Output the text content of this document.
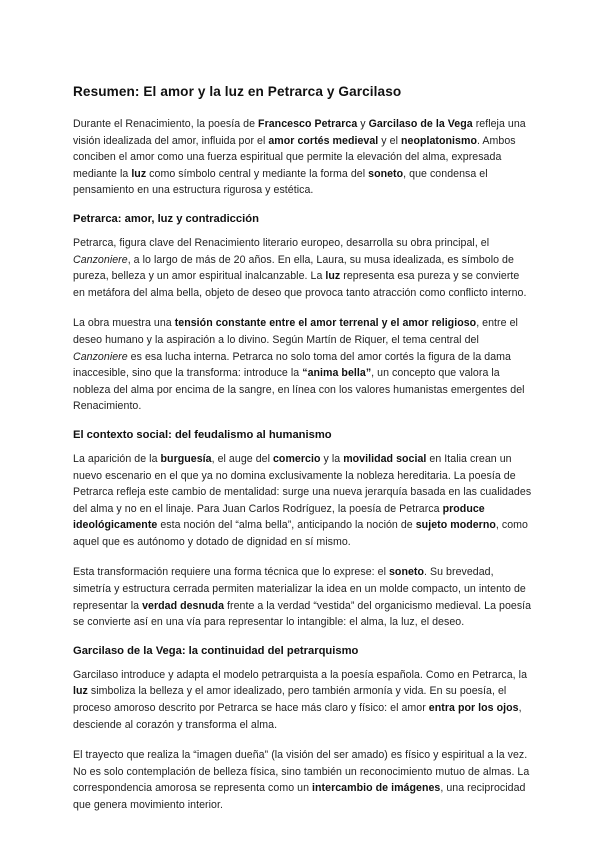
Resumen: El amor y la luz en Petrarca y Garcilaso

Durante el Renacimiento, la poesía de Francesco Petrarca y Garcilaso de la Vega refleja una visión idealizada del amor, influida por el amor cortés medieval y el neoplatonismo. Ambos conciben el amor como una fuerza espiritual que permite la elevación del alma, expresada mediante la luz como símbolo central y mediante la forma del soneto, que condensa el pensamiento en una estructura rigurosa y estética.

Petrarca: amor, luz y contradicción

Petrarca, figura clave del Renacimiento literario europeo, desarrolla su obra principal, el Canzoniere, a lo largo de más de 20 años. En ella, Laura, su musa idealizada, es símbolo de pureza, belleza y un amor espiritual inalcanzable. La luz representa esa pureza y se convierte en metáfora del alma bella, objeto de deseo que provoca tanto atracción como conflicto interno.

La obra muestra una tensión constante entre el amor terrenal y el amor religioso, entre el deseo humano y la aspiración a lo divino. Según Martín de Riquer, el tema central del Canzoniere es esa lucha interna. Petrarca no solo toma del amor cortés la figura de la dama inaccesible, sino que la transforma: introduce la “anima bella”, un concepto que valora la nobleza del alma por encima de la sangre, en línea con los valores humanistas emergentes del Renacimiento.

El contexto social: del feudalismo al humanismo

La aparición de la burguesía, el auge del comercio y la movilidad social en Italia crean un nuevo escenario en el que ya no domina exclusivamente la nobleza hereditaria. La poesía de Petrarca refleja este cambio de mentalidad: surge una nueva jerarquía basada en las cualidades del alma y no en el linaje. Para Juan Carlos Rodríguez, la poesía de Petrarca produce ideológicamente esta noción del “alma bella”, anticipando la noción de sujeto moderno, como aquel que es autónomo y dotado de dignidad en sí mismo.

Esta transformación requiere una forma técnica que lo exprese: el soneto. Su brevedad, simetría y estructura cerrada permiten materializar la idea en un molde compacto, un intento de representar la verdad desnuda frente a la verdad “vestida” del organicismo medieval. La poesía se convierte así en una vía para representar lo intangible: el alma, la luz, el deseo.

Garcilaso de la Vega: la continuidad del petrarquismo

Garcilaso introduce y adapta el modelo petrarquista a la poesía española. Como en Petrarca, la luz simboliza la belleza y el amor idealizado, pero también armonía y vida. En su poesía, el proceso amoroso descrito por Petrarca se hace más claro y físico: el amor entra por los ojos, desciende al corazón y transforma el alma.

El trayecto que realiza la “imagen dueña” (la visión del ser amado) es físico y espiritual a la vez. No es solo contemplación de belleza física, sino también un reconocimiento mutuo de almas. La correspondencia amorosa se representa como un intercambio de imágenes, una reciprocidad que genera movimiento interior.
